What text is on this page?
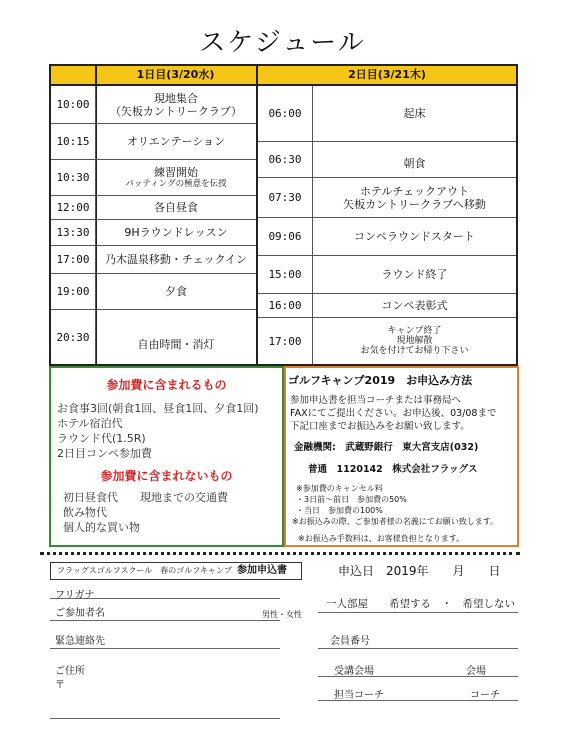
スケジュール
1日目(3/20水)	2日目(3/21木)
10:00	現地集合
（矢板カントリークラブ）
10:15	オリエンテーション
10:30	練習開始
パッティングの極意を伝授
12:00	各自昼食
13:30	9Hラウンドレッスン
17:00	乃木温泉移動・チェックイン
19:00	夕食
20:30
自由時間・消灯
06:00	起床
06:30	朝食
07:30	ホテルチェックアウト
矢板カントリークラブへ移動
09:06	コンペラウンドスタート
15:00	ラウンド終了
16:00	コンペ表彰式
17:00
キャンプ終了
現地解散
お気を付けてお帰り下さい
参加費に含まれるもの
お食事3回(朝食1回、昼食1回、夕食1回)
ホテル宿泊代
ラウンド代(1.5R)
2日目コンペ参加費
参加費に含まれないもの
初日昼食代　　現地までの交通費
飲み物代
個人的な買い物
ゴルフキャンプ2019　お申込み方法
参加申込書を担当コーチまたは事務局へ
FAXにてご提出ください。お申込後、03/08まで
下記口座までお振込みをお願い致します。
金融機関:　武蔵野銀行　東大宮支店(032)
普通　1120142　株式会社フラッグス
※参加費のキャンセル料
・3日前～前日　参加費の50%
・当日　参加費の100%
※お振込みの際、ご参加者様の名義にてお願い致します。
※お振込み手数料は、お客様負担となります。
フラッグスゴルフスクール　春のゴルフキャンプ 参加申込書	申込日　2019年　　月　　日
フリガナ
ご参加者名	男性・女性
一人部屋　　希望する　・　希望しない
緊急連絡先	会員番号
ご住所
〒
受講会場	会場
担当コーチ	コーチ
